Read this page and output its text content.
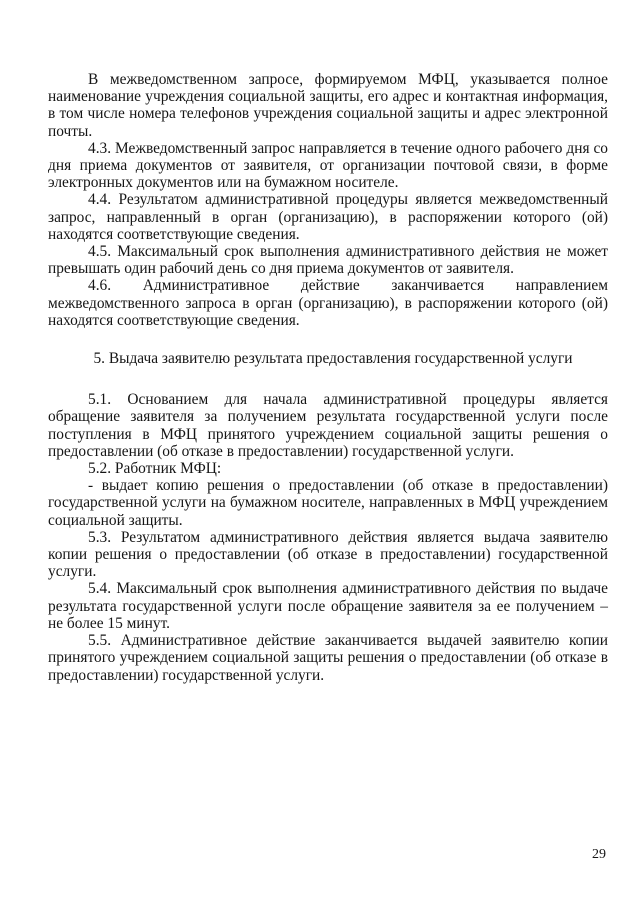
В межведомственном запросе, формируемом МФЦ, указывается полное наименование учреждения социальной защиты, его адрес и контактная информация, в том числе номера телефонов учреждения социальной защиты и адрес электронной почты.

4.3. Межведомственный запрос направляется в течение одного рабочего дня со дня приема документов от заявителя, от организации почтовой связи, в форме электронных документов или на бумажном носителе.

4.4. Результатом административной процедуры является межведомственный запрос, направленный в орган (организацию), в распоряжении которого (ой) находятся соответствующие сведения.

4.5. Максимальный срок выполнения административного действия не может превышать один рабочий день со дня приема документов от заявителя.

4.6. Административное действие заканчивается направлением межведомственного запроса в орган (организацию), в распоряжении которого (ой) находятся соответствующие сведения.

5. Выдача заявителю результата предоставления государственной услуги

5.1. Основанием для начала административной процедуры является обращение заявителя за получением результата государственной услуги после поступления в МФЦ принятого учреждением социальной защиты решения о предоставлении (об отказе в предоставлении) государственной услуги.

5.2. Работник МФЦ:

- выдает копию решения о предоставлении (об отказе в предоставлении) государственной услуги на бумажном носителе, направленных в МФЦ учреждением социальной защиты.

5.3. Результатом административного действия является выдача заявителю копии решения о предоставлении (об отказе в предоставлении) государственной услуги.

5.4. Максимальный срок выполнения административного действия по выдаче результата государственной услуги после обращение заявителя за ее получением – не более 15 минут.

5.5. Административное действие заканчивается выдачей заявителю копии принятого учреждением социальной защиты решения о предоставлении (об отказе в предоставлении) государственной услуги.

29
